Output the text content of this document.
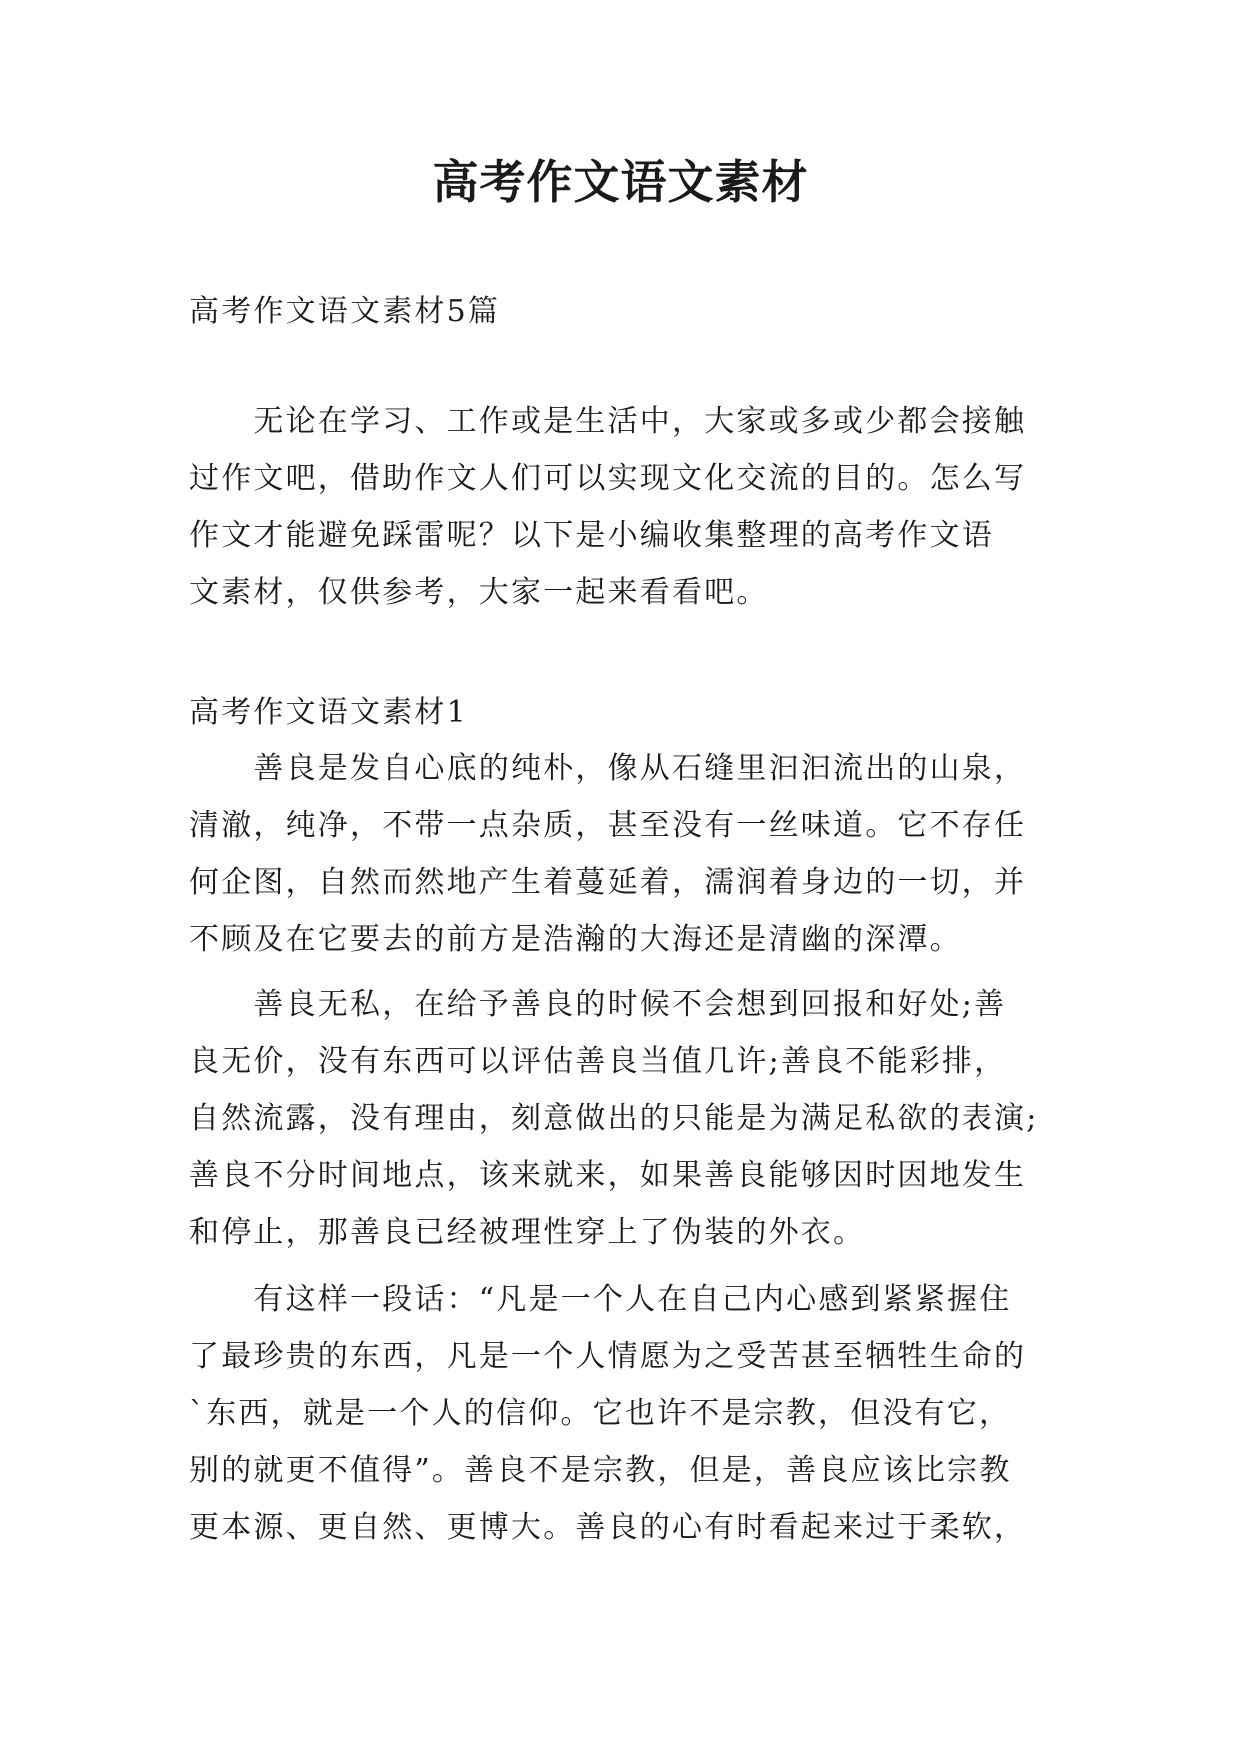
高考作文语文素材
高考作文语文素材5篇
　　无论在学习、工作或是生活中，大家或多或少都会接触
过作文吧，借助作文人们可以实现文化交流的目的。怎么写
作文才能避免踩雷呢？以下是小编收集整理的高考作文语
文素材，仅供参考，大家一起来看看吧。
高考作文语文素材1
　　善良是发自心底的纯朴，像从石缝里汩汩流出的山泉，
清澈，纯净，不带一点杂质，甚至没有一丝味道。它不存任
何企图，自然而然地产生着蔓延着，濡润着身边的一切，并
不顾及在它要去的前方是浩瀚的大海还是清幽的深潭。
　　善良无私，在给予善良的时候不会想到回报和好处;善
良无价，没有东西可以评估善良当值几许;善良不能彩排，
自然流露，没有理由，刻意做出的只能是为满足私欲的表演;
善良不分时间地点，该来就来，如果善良能够因时因地发生
和停止，那善良已经被理性穿上了伪装的外衣。
　　有这样一段话：“凡是一个人在自己内心感到紧紧握住
了最珍贵的东西，凡是一个人情愿为之受苦甚至牺牲生命的
`东西，就是一个人的信仰。它也许不是宗教，但没有它，
别的就更不值得”。善良不是宗教，但是，善良应该比宗教
更本源、更自然、更博大。善良的心有时看起来过于柔软，
